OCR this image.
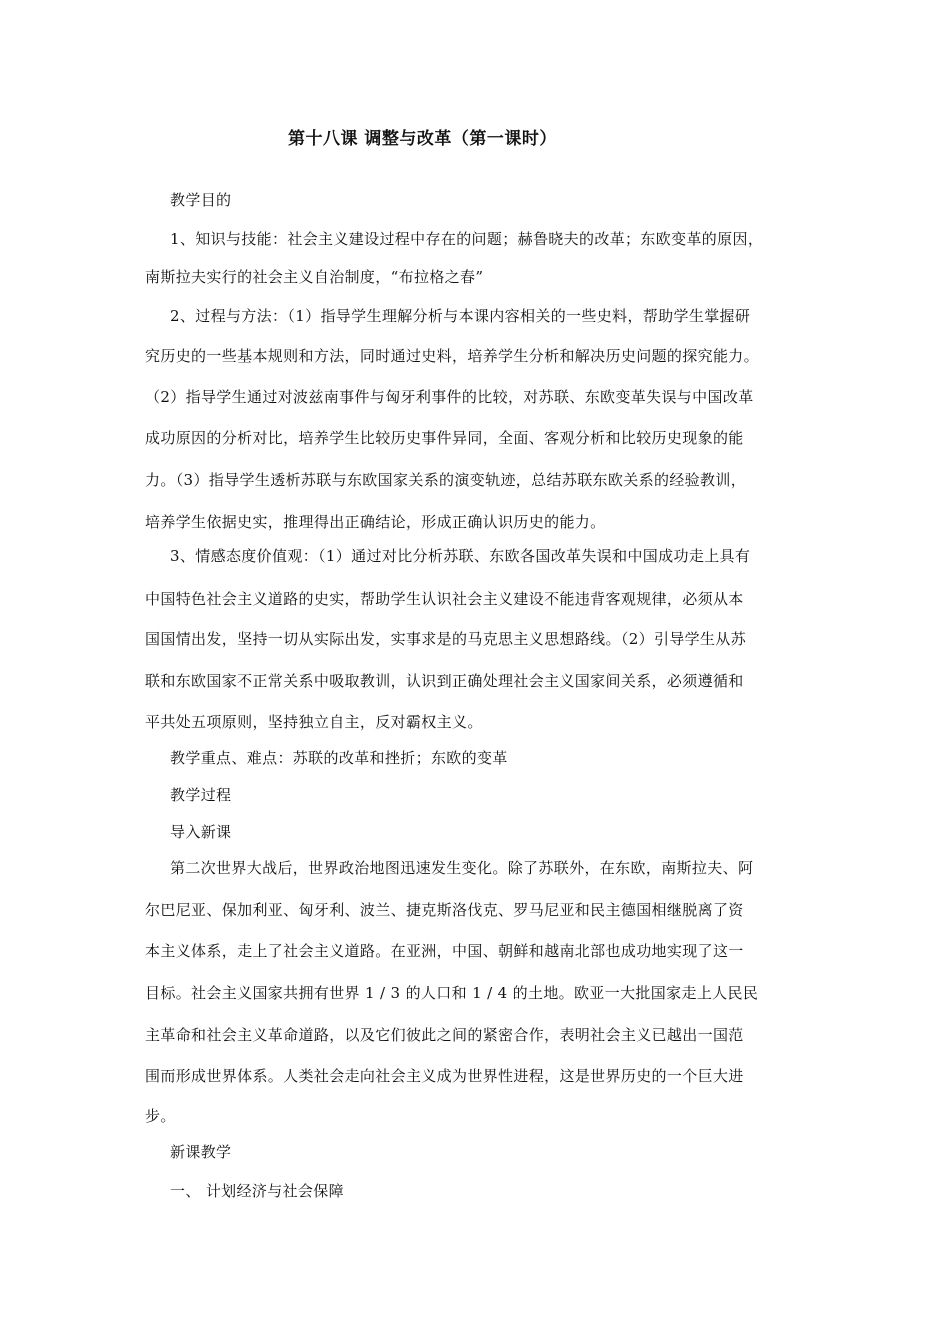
第十八课 调整与改革（第一课时）
教学目的
1、知识与技能：社会主义建设过程中存在的问题；赫鲁晓夫的改革；东欧变革的原因，
南斯拉夫实行的社会主义自治制度，“布拉格之春”
2、过程与方法：（1）指导学生理解分析与本课内容相关的一些史料，帮助学生掌握研
究历史的一些基本规则和方法，同时通过史料，培养学生分析和解决历史问题的探究能力。
（2）指导学生通过对波兹南事件与匈牙利事件的比较，对苏联、东欧变革失误与中国改革
成功原因的分析对比，培养学生比较历史事件异同，全面、客观分析和比较历史现象的能
力。（3）指导学生透析苏联与东欧国家关系的演变轨迹，总结苏联东欧关系的经验教训，
培养学生依据史实，推理得出正确结论，形成正确认识历史的能力。
3、情感态度价值观：（1）通过对比分析苏联、东欧各国改革失误和中国成功走上具有
中国特色社会主义道路的史实，帮助学生认识社会主义建设不能违背客观规律，必须从本
国国情出发，坚持一切从实际出发，实事求是的马克思主义思想路线。（2）引导学生从苏
联和东欧国家不正常关系中吸取教训，认识到正确处理社会主义国家间关系，必须遵循和
平共处五项原则，坚持独立自主，反对霸权主义。
教学重点、难点：苏联的改革和挫折；东欧的变革
教学过程
导入新课
第二次世界大战后，世界政治地图迅速发生变化。除了苏联外，在东欧，南斯拉夫、阿
尔巴尼亚、保加利亚、匈牙利、波兰、捷克斯洛伐克、罗马尼亚和民主德国相继脱离了资
本主义体系，走上了社会主义道路。在亚洲，中国、朝鲜和越南北部也成功地实现了这一
目标。社会主义国家共拥有世界 1 / 3 的人口和 1 / 4 的土地。欧亚一大批国家走上人民民
主革命和社会主义革命道路，以及它们彼此之间的紧密合作，表明社会主义已越出一国范
围而形成世界体系。人类社会走向社会主义成为世界性进程，这是世界历史的一个巨大进
步。
新课教学
一、 计划经济与社会保障
